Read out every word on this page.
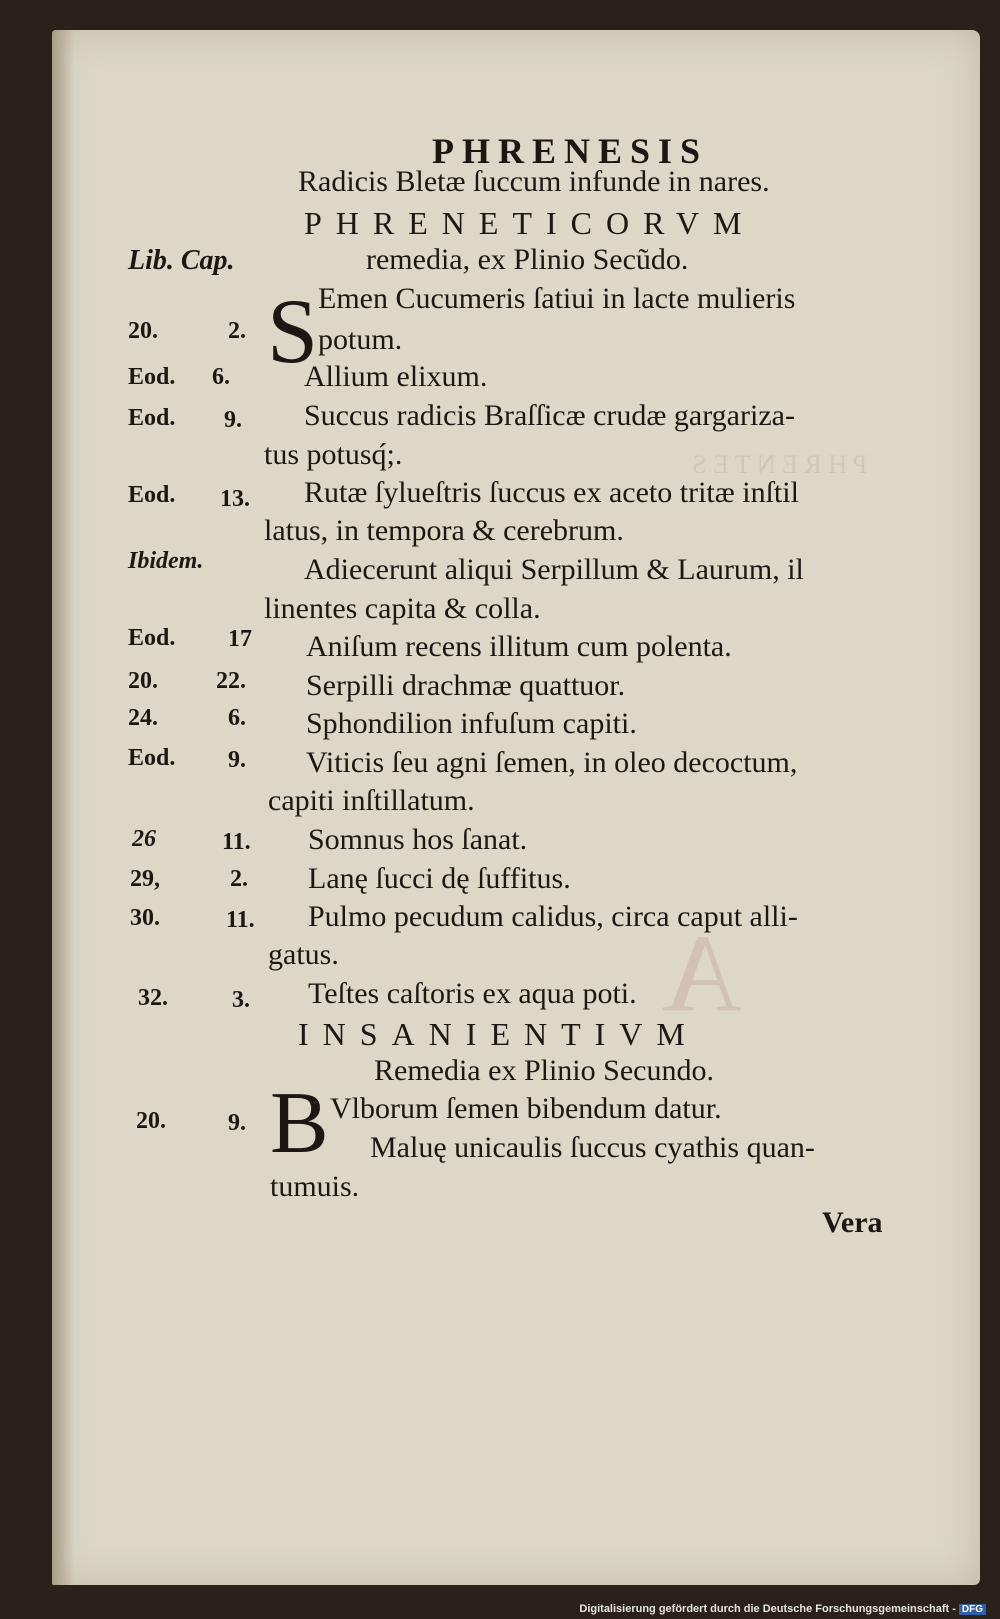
P H R E N T E S
A
PHRENESIS
Lib. Cap.
Radicis Bletæ ſuccum infunde in nares.
PHRENETICORVM
remedia, ex Plinio Secũdo.
S Emen Cucumeris ſatiui in lacte mulieris
potum.
Allium elixum.
Succus radicis Braſſicæ crudæ gargariza-
tus potusq́;.
Rutæ ſylueſtris ſuccus ex aceto tritæ inſtil
latus, in tempora & cerebrum.
Adiecerunt aliqui Serpillum & Laurum, il
linentes capita & colla.
Aniſum recens illitum cum polenta.
Serpilli drachmæ quattuor.
Sphondilion infuſum capiti.
Viticis ſeu agni ſemen, in oleo decoctum,
capiti inſtillatum.
Somnus hos ſanat.
Lanę ſucci dę ſuffitus.
Pulmo pecudum calidus, circa caput alli-
gatus.
Teſtes caſtoris ex aqua poti.
INSANIENTIVM
Remedia ex Plinio Secundo.
B Vlborum ſemen bibendum datur.
Maluę unicaulis ſuccus cyathis quan-
tumuis.
Vera
20.	2.
Eod. 6.
Eod. 9.
Eod. 13.
Ibidem.
Eod. 17
20. 22.
24.	6.
Eod. 9.
26	11.
29,	2.
30.	11.
32.	3.
20.	9.
Digitalisierung gefördert durch die Deutsche Forschungsgemeinschaft - DFG
